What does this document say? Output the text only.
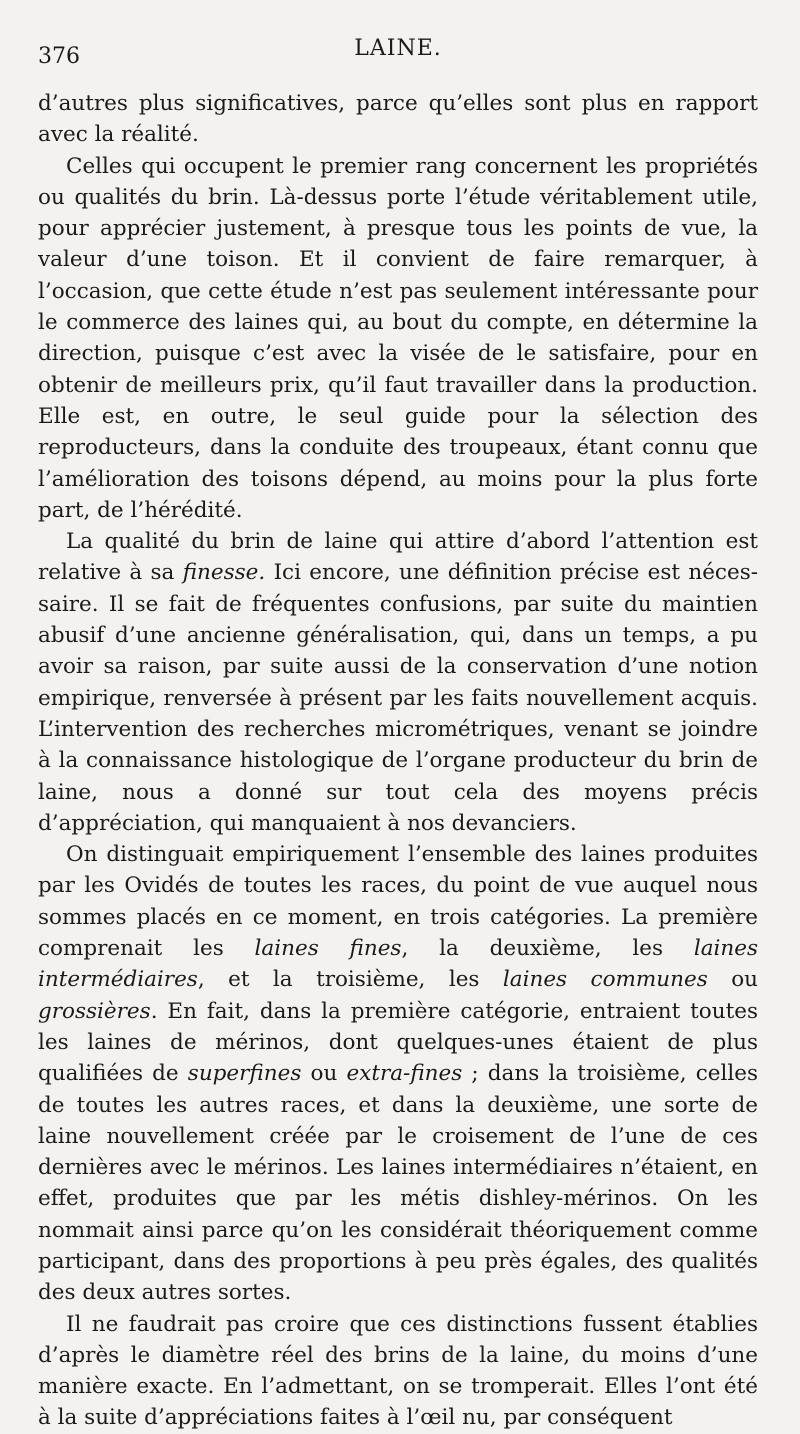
376	LAINE.

d’autres plus significatives, parce qu’elles sont plus en rapport avec la réalité.

Celles qui occupent le premier rang concernent les propriétés ou qualités du brin. Là-dessus porte l’étude véritablement utile, pour apprécier justement, à presque tous les points de vue, la valeur d’une toison. Et il convient de faire remarquer, à l’occasion, que cette étude n’est pas seulement intéressante pour le commerce des laines qui, au bout du compte, en détermine la direction, puisque c’est avec la visée de le satisfaire, pour en obtenir de meilleurs prix, qu’il faut travailler dans la production. Elle est, en outre, le seul guide pour la sélection des reproducteurs, dans la conduite des troupeaux, étant connu que l’amélioration des toisons dépend, au moins pour la plus forte part, de l’hérédité.

La qualité du brin de laine qui attire d’abord l’attention est relative à sa finesse. Ici encore, une définition précise est nécessaire. Il se fait de fréquentes confusions, par suite du maintien abusif d’une ancienne généralisation, qui, dans un temps, a pu avoir sa raison, par suite aussi de la conservation d’une notion empirique, renversée à présent par les faits nouvellement acquis. L’intervention des recherches micrométriques, venant se joindre à la connaissance histologique de l’organe producteur du brin de laine, nous a donné sur tout cela des moyens précis d’appréciation, qui manquaient à nos devanciers.

On distinguait empiriquement l’ensemble des laines produites par les Ovidés de toutes les races, du point de vue auquel nous sommes placés en ce moment, en trois catégories. La première comprenait les laines fines, la deuxième, les laines intermédiaires, et la troisième, les laines communes ou grossières. En fait, dans la première catégorie, entraient toutes les laines de mérinos, dont quelques-unes étaient de plus qualifiées de superfines ou extra-fines ; dans la troisième, celles de toutes les autres races, et dans la deuxième, une sorte de laine nouvellement créée par le croisement de l’une de ces dernières avec le mérinos. Les laines intermédiaires n’étaient, en effet, produites que par les métis dishley-mérinos. On les nommait ainsi parce qu’on les considérait théoriquement comme participant, dans des proportions à peu près égales, des qualités des deux autres sortes.

Il ne faudrait pas croire que ces distinctions fussent établies d’après le diamètre réel des brins de la laine, du moins d’une manière exacte. En l’admettant, on se tromperait. Elles l’ont été à la suite d’appréciations faites à l’œil nu, par conséquent
